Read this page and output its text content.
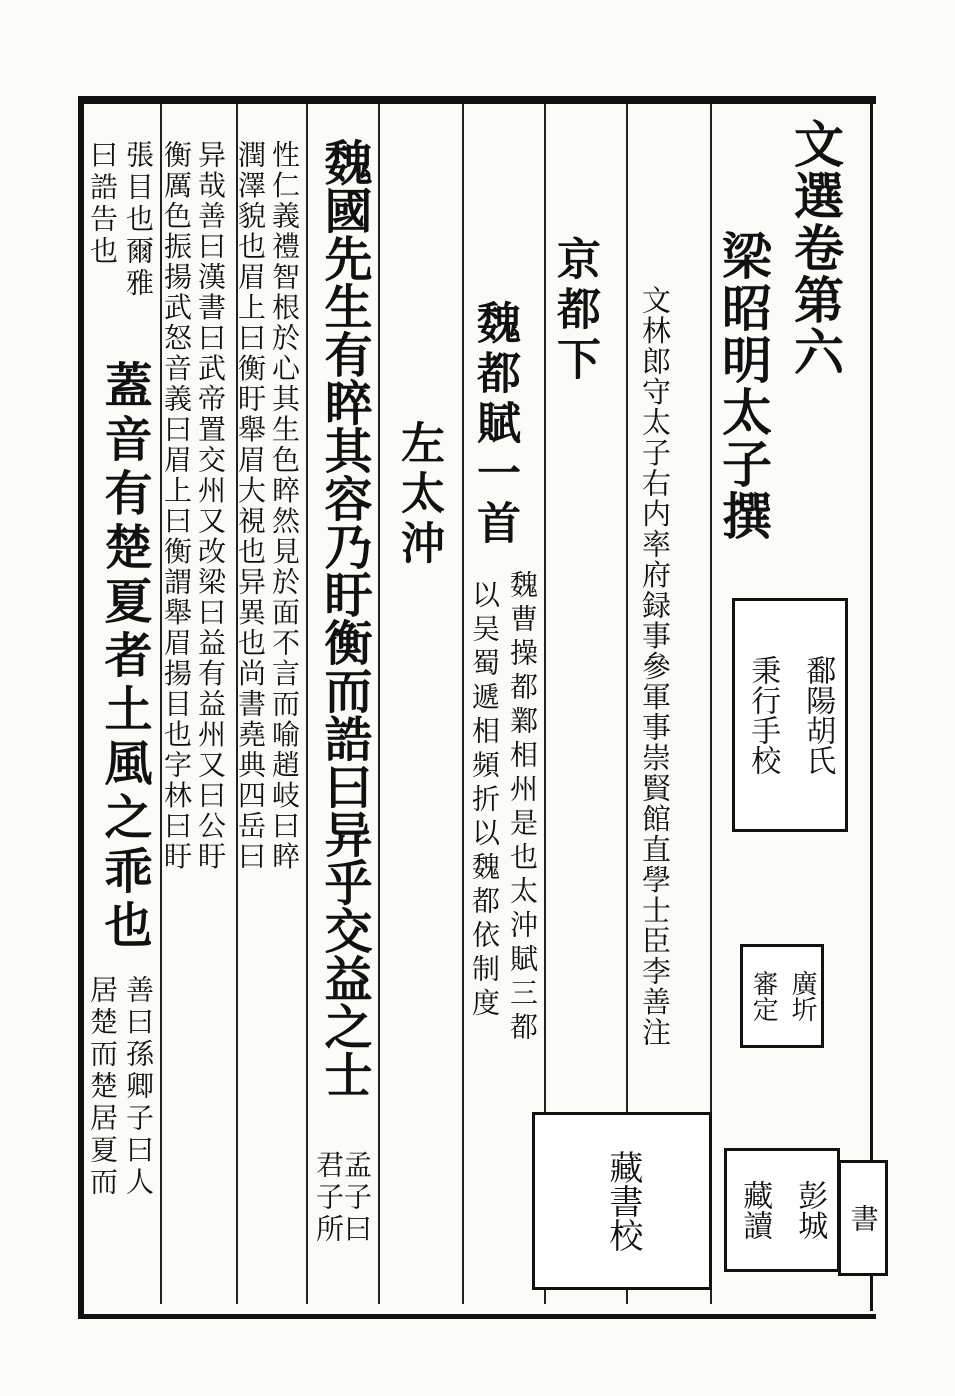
文選卷第六
梁昭明太子撰
文林郎守太子右内率府録事參軍事崇賢館直學士臣李善注
京都下
魏都賦一首
魏曹操都鄴相州是也太沖賦三都
以吴蜀遞相頻折以魏都依制度
左太沖
魏國先生有睟其容乃盱衡而誥曰异乎交益之士
孟子曰
君子所
性仁義禮智根於心其生色睟然見於面不言而喻趙岐曰睟
潤澤貌也眉上曰衡盱舉眉大視也异異也尚書堯典四岳曰
异哉善曰漢書曰武帝置交州又改梁曰益有益州又曰公盱
衡厲色振揚武怒音義曰眉上曰衡謂舉眉揚目也字林曰盱
張目也爾雅
曰誥告也
蓋音有楚夏者土風之乖也
善曰孫卿子曰人
居楚而楚居夏而
鄱陽胡氏
秉行手校
廣圻
審定
彭城
藏讀
藏書
校	書
